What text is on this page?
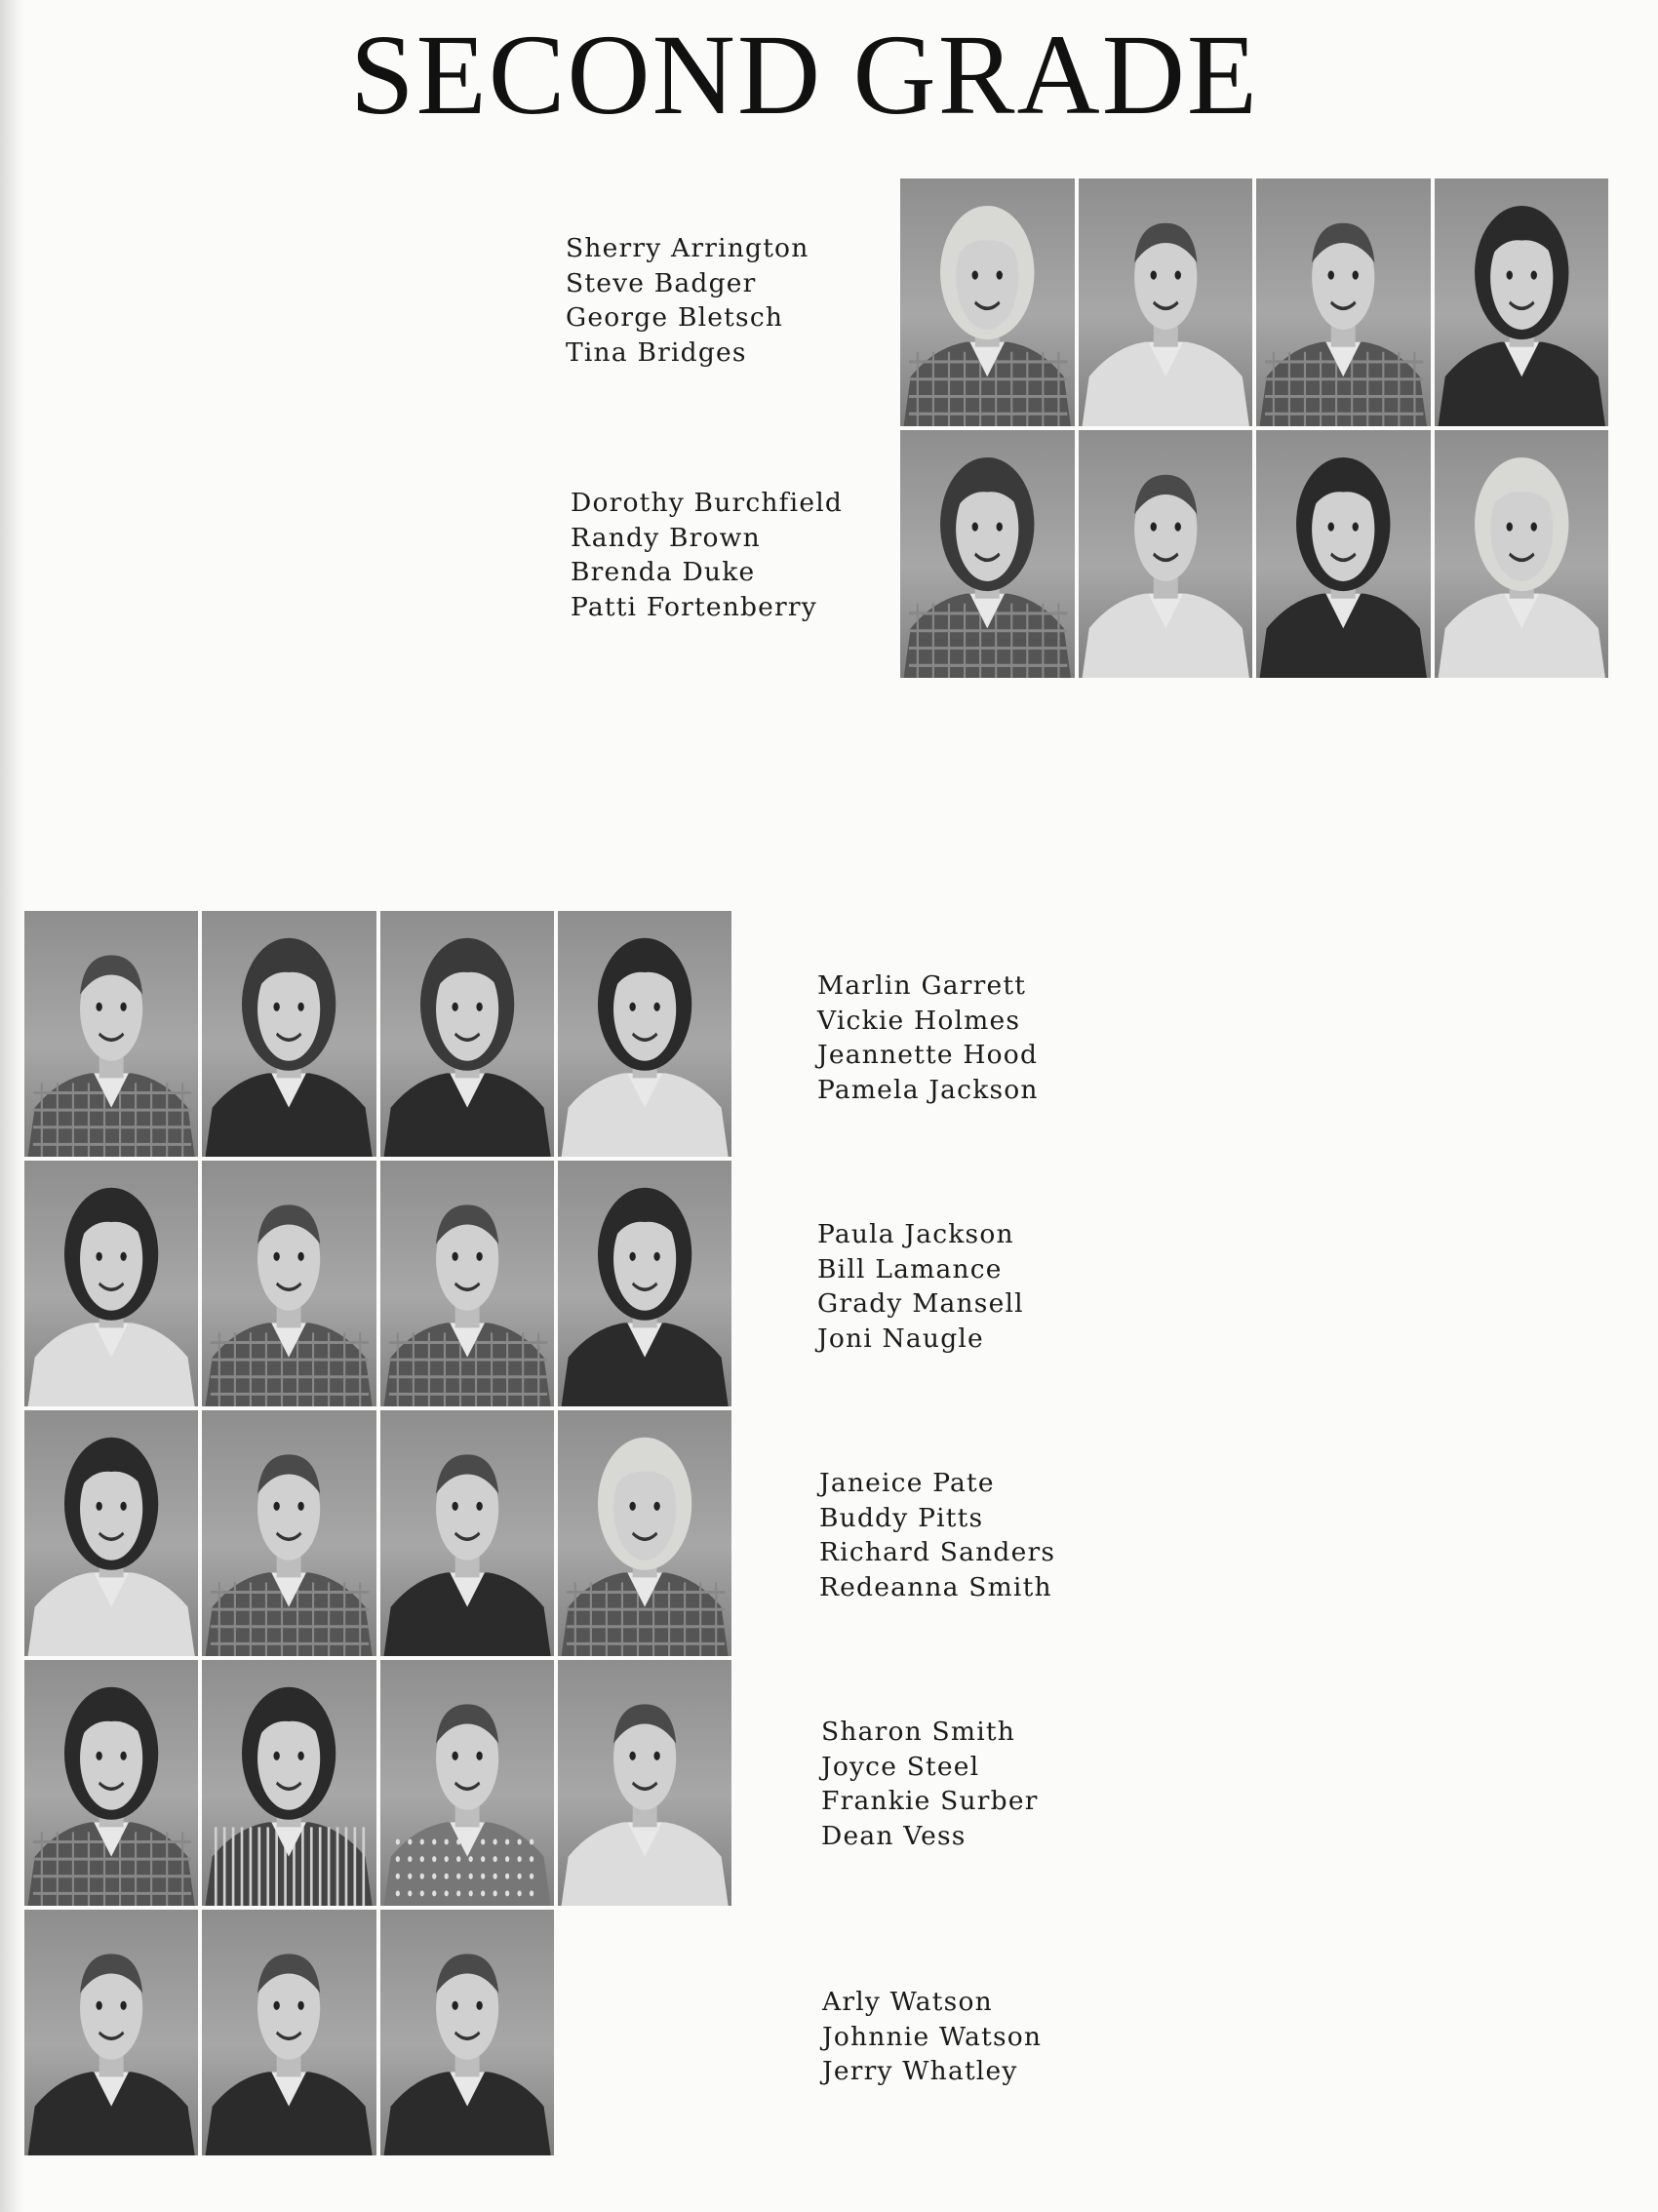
SECOND GRADE
Sherry Arrington
Steve Badger
George Bletsch
Tina Bridges
Dorothy Burchfield
Randy Brown
Brenda Duke
Patti Fortenberry
Marlin Garrett
Vickie Holmes
Jeannette Hood
Pamela Jackson
Paula Jackson
Bill Lamance
Grady Mansell
Joni Naugle
Janeice Pate
Buddy Pitts
Richard Sanders
Redeanna Smith
Sharon Smith
Joyce Steel
Frankie Surber
Dean Vess
Arly Watson
Johnnie Watson
Jerry Whatley
